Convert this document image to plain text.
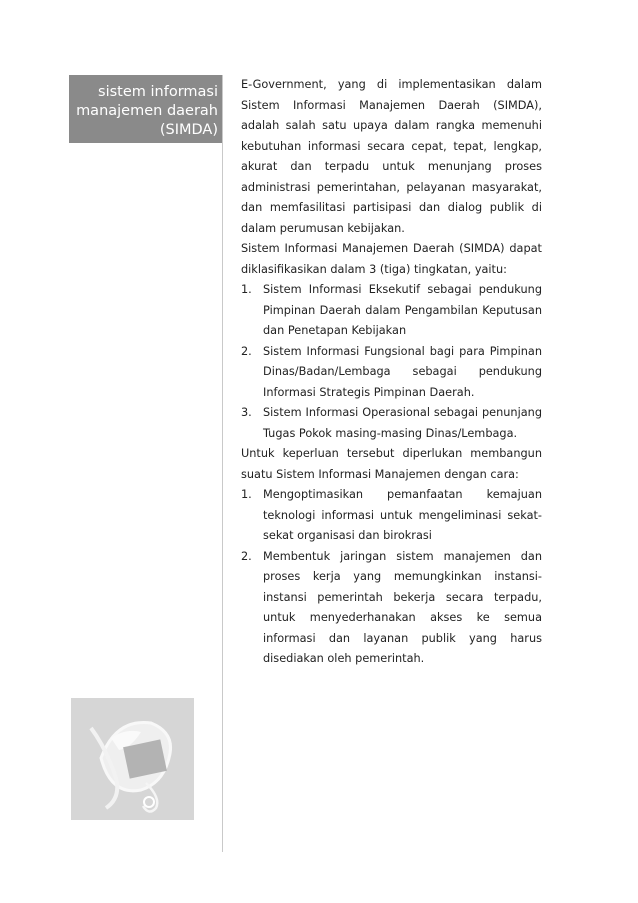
sistem informasi
manajemen daerah
(SIMDA)

E-Government, yang di implementasikan dalam Sistem Informasi Manajemen Daerah (SIMDA), adalah salah satu upaya dalam rangka memenuhi kebutuhan informasi secara cepat, tepat, lengkap, akurat dan terpadu untuk menunjang proses administrasi pemerintahan, pelayanan masyarakat, dan memfasilitasi partisipasi dan dialog publik di dalam perumusan kebijakan.

Sistem Informasi Manajemen Daerah (SIMDA) dapat diklasifikasikan dalam 3 (tiga) tingkatan, yaitu:

1. Sistem Informasi Eksekutif sebagai pendukung Pimpinan Daerah dalam Pengambilan Keputusan dan Penetapan Kebijakan
2. Sistem Informasi Fungsional bagi para Pimpinan Dinas/Badan/Lembaga sebagai pendukung Informasi Strategis Pimpinan Daerah.
3. Sistem Informasi Operasional sebagai penunjang Tugas Pokok masing-masing Dinas/Lembaga.

Untuk keperluan tersebut diperlukan membangun suatu Sistem Informasi Manajemen dengan cara:

1. Mengoptimasikan pemanfaatan kemajuan teknologi informasi untuk mengeliminasi sekat-sekat organisasi dan birokrasi
2. Membentuk jaringan sistem manajemen dan proses kerja yang memungkinkan instansi-instansi pemerintah bekerja secara terpadu, untuk menyederhanakan akses ke semua informasi dan layanan publik yang harus disediakan oleh pemerintah.
